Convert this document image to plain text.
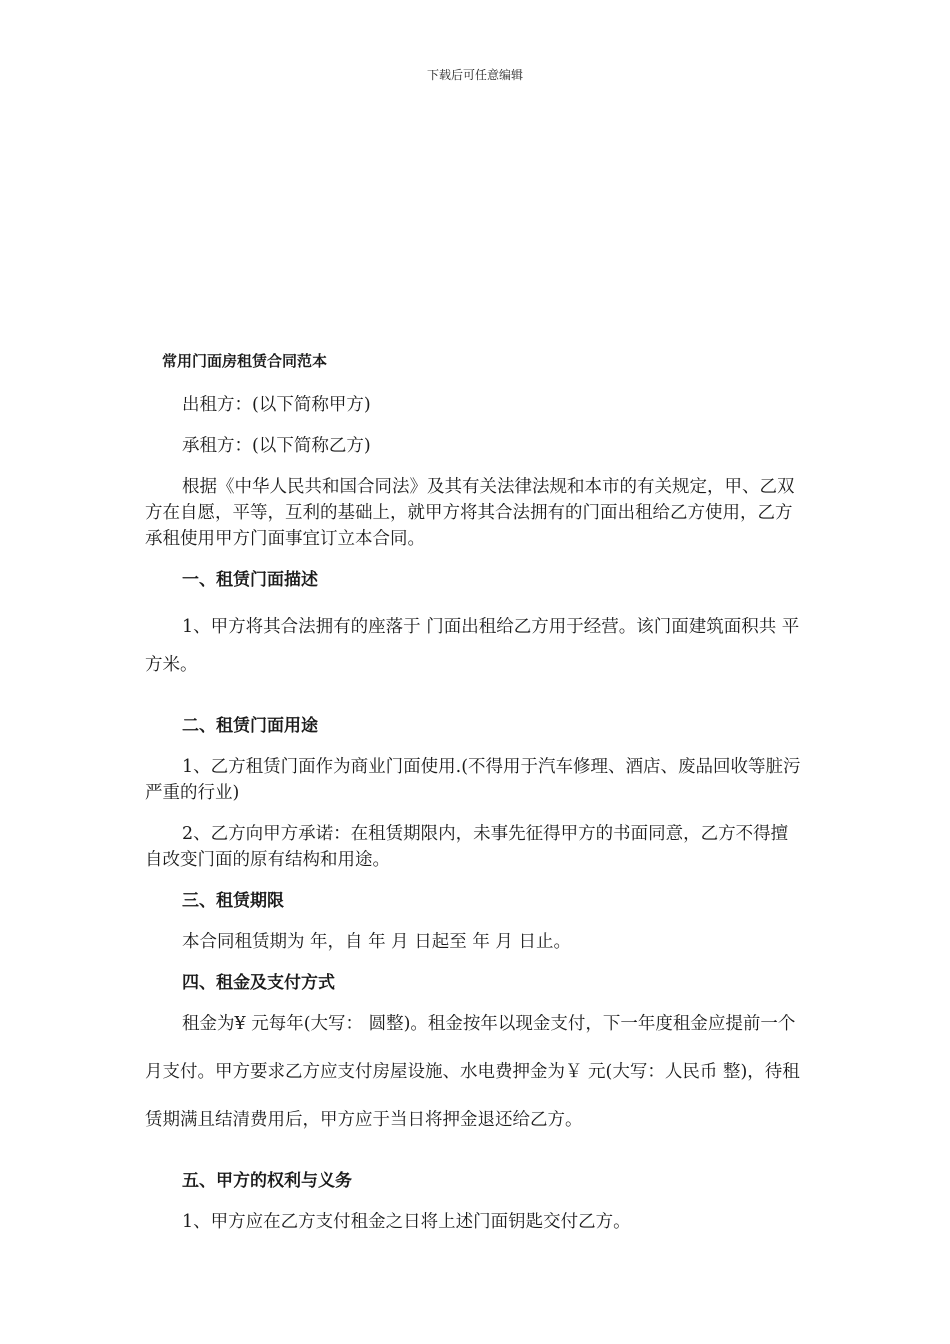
下载后可任意编辑
常用门面房租赁合同范本

出租方：(以下简称甲方)

承租方：(以下简称乙方)

根据《中华人民共和国合同法》及其有关法律法规和本市的有关规定，甲、乙双方在自愿，平等，互利的基础上，就甲方将其合法拥有的门面出租给乙方使用，乙方承租使用甲方门面事宜订立本合同。

一、租赁门面描述

1、甲方将其合法拥有的座落于 门面出租给乙方用于经营。该门面建筑面积共 平方米。

二、租赁门面用途

1、乙方租赁门面作为商业门面使用.(不得用于汽车修理、酒店、废品回收等脏污严重的行业)

2、乙方向甲方承诺：在租赁期限内，未事先征得甲方的书面同意，乙方不得擅自改变门面的原有结构和用途。

三、租赁期限

本合同租赁期为 年，自 年 月 日起至 年 月 日止。

四、租金及支付方式

租金为¥ 元每年(大写： 圆整)。租金按年以现金支付，下一年度租金应提前一个月支付。甲方要求乙方应支付房屋设施、水电费押金为￥ 元(大写：人民币 整)，待租赁期满且结清费用后，甲方应于当日将押金退还给乙方。

五、甲方的权利与义务

1、甲方应在乙方支付租金之日将上述门面钥匙交付乙方。
